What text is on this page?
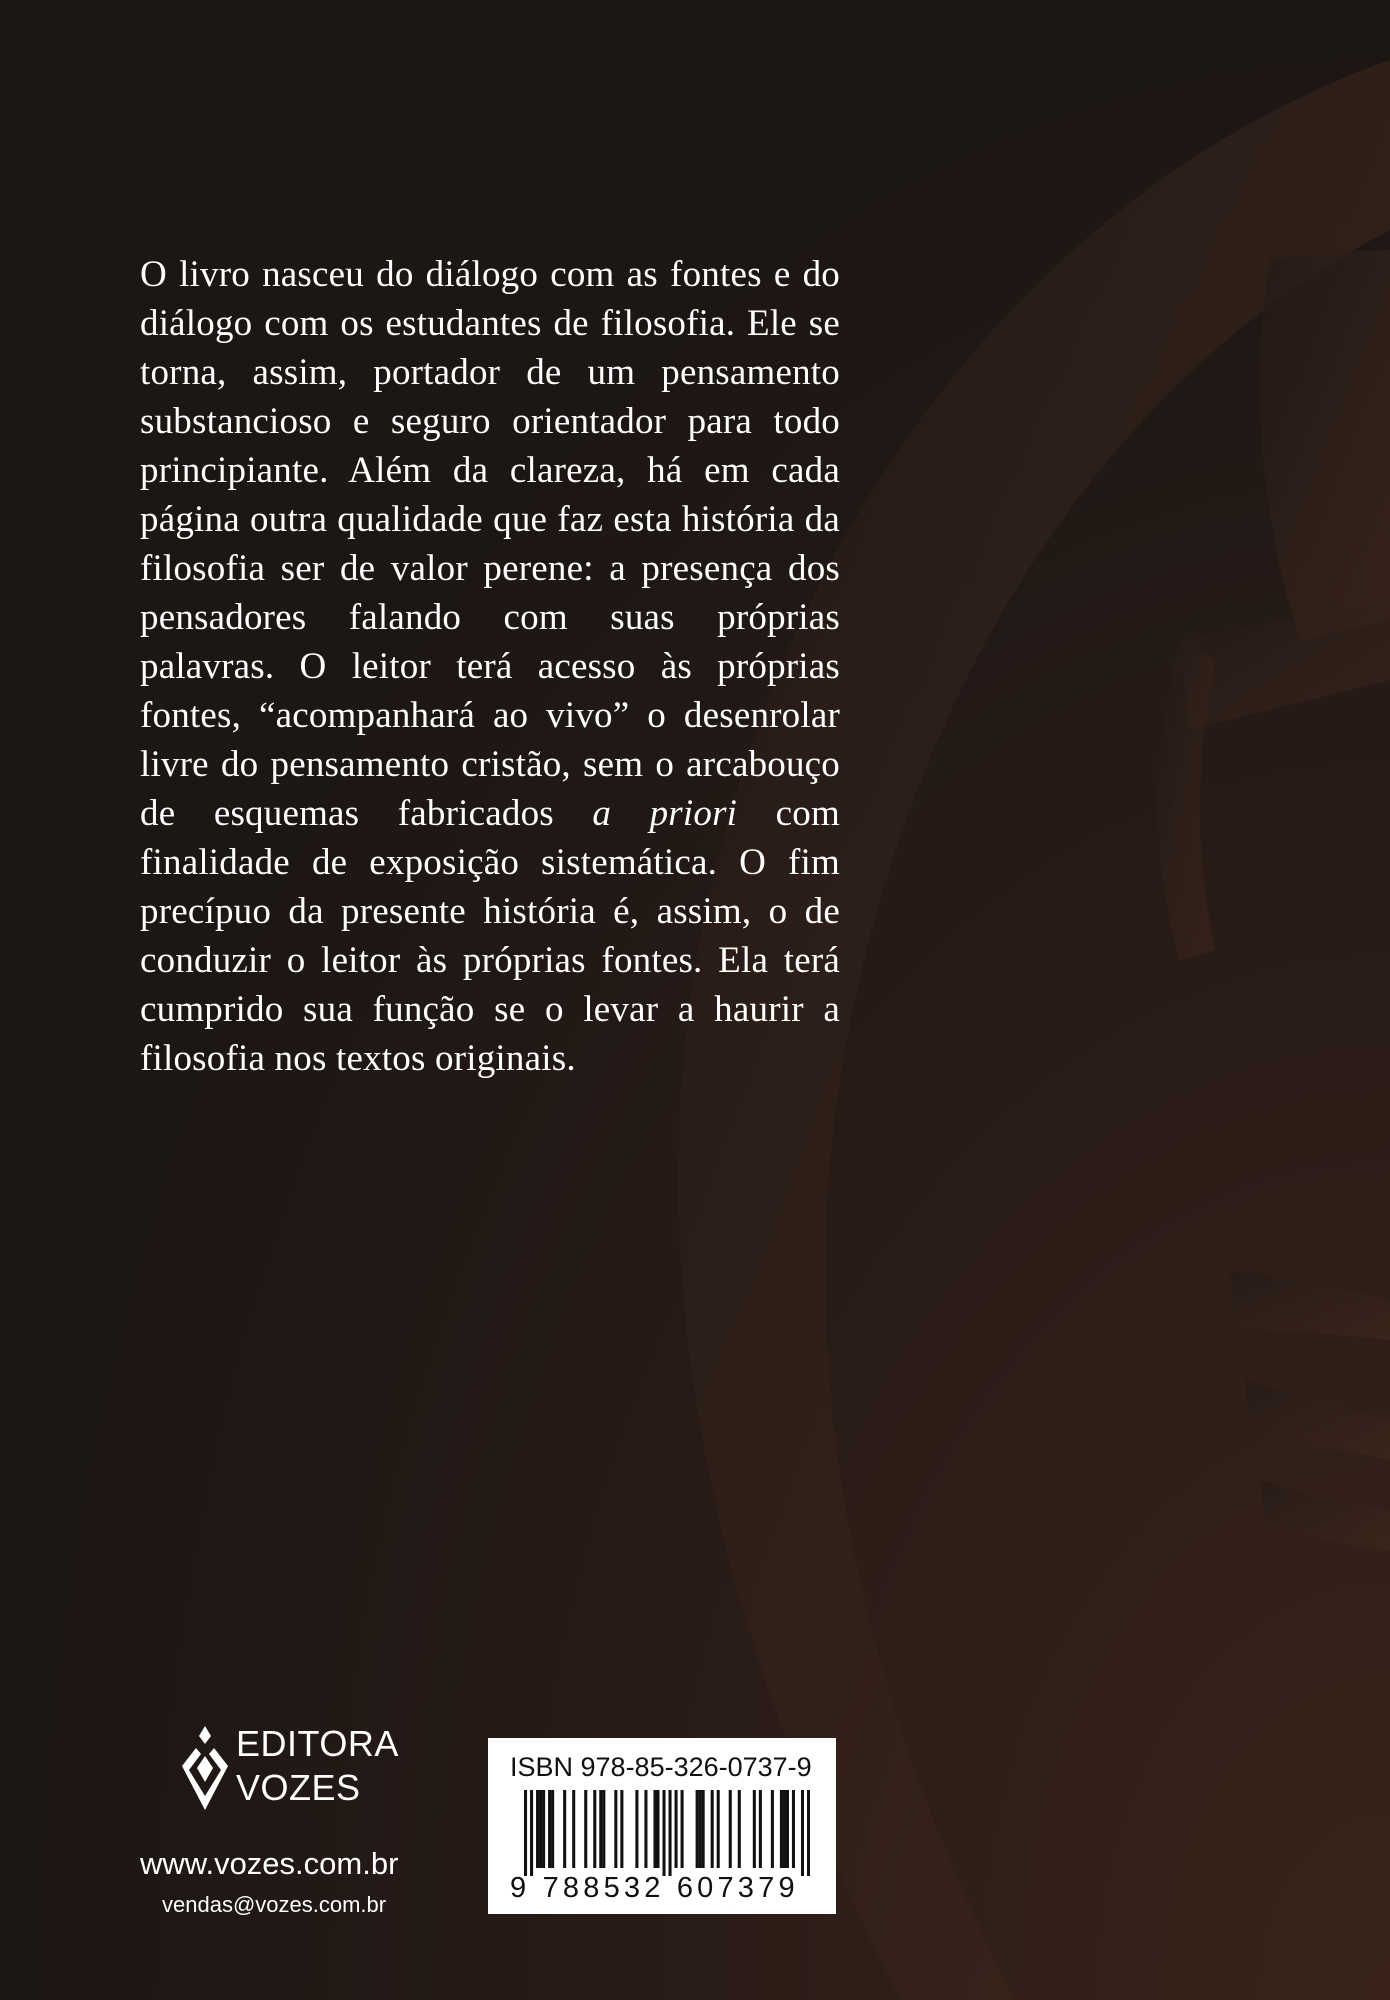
O livro nasceu do diálogo com as fontes e do diálogo com os estudantes de filosofia. Ele se torna, assim, portador de um pensamento substancioso e seguro orientador para todo principiante. Além da clareza, há em cada página outra qualidade que faz esta história da filosofia ser de valor perene: a presença dos pensadores falando com suas próprias palavras. O leitor terá acesso às próprias fontes, “acompanhará ao vivo” o desenrolar livre do pensamento cristão, sem o arcabouço de esquemas fabricados a priori com finalidade de exposição sistemática. O fim precípuo da presente história é, assim, o de conduzir o leitor às próprias fontes. Ela terá cumprido sua função se o levar a haurir a filosofia nos textos originais.

EDITORA
VOZES
www.vozes.com.br
vendas@vozes.com.br
ISBN 978-85-326-0737-9
9 788532 607379
